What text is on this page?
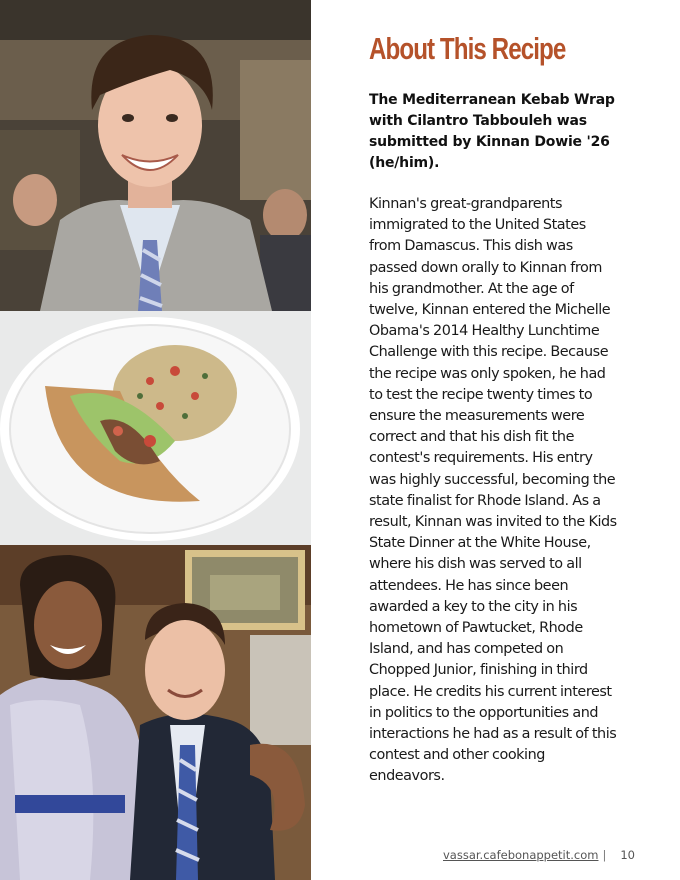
About This Recipe

The Mediterranean Kebab Wrap with Cilantro Tabbouleh was submitted by Kinnan Dowie '26 (he/him).

Kinnan's great-grandparents immigrated to the United States from Damascus. This dish was passed down orally to Kinnan from his grandmother. At the age of twelve, Kinnan entered the Michelle Obama's 2014 Healthy Lunchtime Challenge with this recipe. Because the recipe was only spoken, he had to test the recipe twenty times to ensure the measurements were correct and that his dish fit the contest's requirements. His entry was highly successful, becoming the state finalist for Rhode Island. As a result, Kinnan was invited to the Kids State Dinner at the White House, where his dish was served to all attendees. He has since been awarded a key to the city in his hometown of Pawtucket, Rhode Island, and has competed on Chopped Junior, finishing in third place. He credits his current interest in politics to the opportunities and interactions he had as a result of this contest and other cooking endeavors.

vassar.cafebonappetit.com | 10
